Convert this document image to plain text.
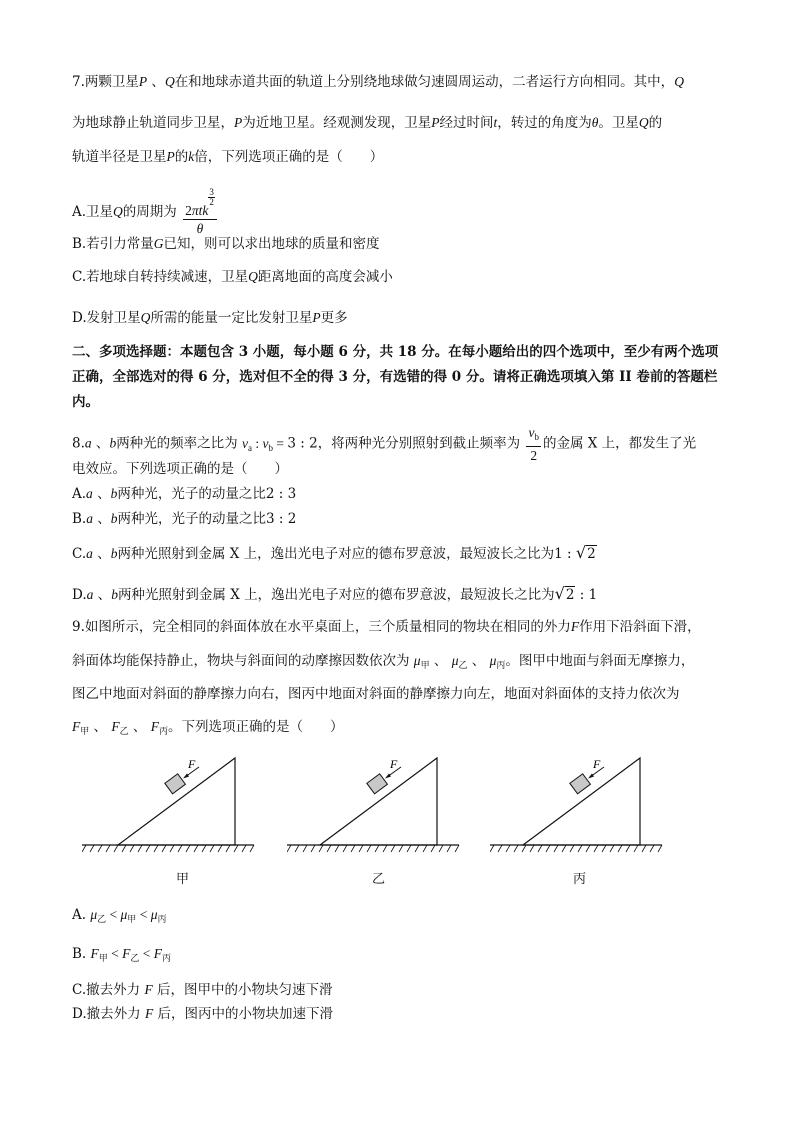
7.两颗卫星P 、Q在和地球赤道共面的轨道上分别绕地球做匀速圆周运动，二者运行方向相同。其中，Q
为地球静止轨道同步卫星，P为近地卫星。经观测发现，卫星P经过时间t，转过的角度为θ。卫星Q的
轨道半径是卫星P的k倍，下列选项正确的是（　　）
A.卫星Q的周期为 2πtk
$\frac{3}{2}$
θ
B.若引力常量G已知，则可以求出地球的质量和密度
C.若地球自转持续减速，卫星Q距离地面的高度会减小
D.发射卫星Q所需的能量一定比发射卫星P更多
二、多项选择题：本题包含 3 小题，每小题 6 分，共 18 分。在每小题给出的四个选项中，至少有两个选项
正确，全部选对的得 6 分，选对但不全的得 3 分，有选错的得 0 分。请将正确选项填入第 II 卷前的答题栏
内。
8.a 、b两种光的频率之比为 $\nu_a$ : $\nu_b = 3$ : 2，将两种光分别照射到截止频率为 $\frac{\nu_b}{2}$ 的金属 X 上，都发生了光
电效应。下列选项正确的是（　　）
A.a 、b两种光，光子的动量之比2 : 3
B.a 、b两种光，光子的动量之比3 : 2
C.a 、b两种光照射到金属 X 上，逸出光电子对应的德布罗意波，最短波长之比为1 : √2
D.a 、b两种光照射到金属 X 上，逸出光电子对应的德布罗意波，最短波长之比为√2 : 1
9.如图所示，完全相同的斜面体放在水平桌面上，三个质量相同的物块在相同的外力F作用下沿斜面下滑，
斜面体均能保持静止，物块与斜面间的动摩擦因数依次为 $\mu_甲$ 、 $\mu_乙$ 、 $\mu_丙$。图甲中地面与斜面无摩擦力，
图乙中地面对斜面的静摩擦力向右，图丙中地面对斜面的静摩擦力向左，地面对斜面体的支持力依次为
$F_甲$ 、 $F_乙$ 、 $F_丙$。下列选项正确的是（　　）
F
甲
F
乙
F
丙
A. $\mu_乙 < \mu_甲 < \mu_丙$
B. $F_甲 < F_乙 < F_丙$
C.撤去外力 F 后，图甲中的小物块匀速下滑
D.撤去外力 F 后，图丙中的小物块加速下滑
